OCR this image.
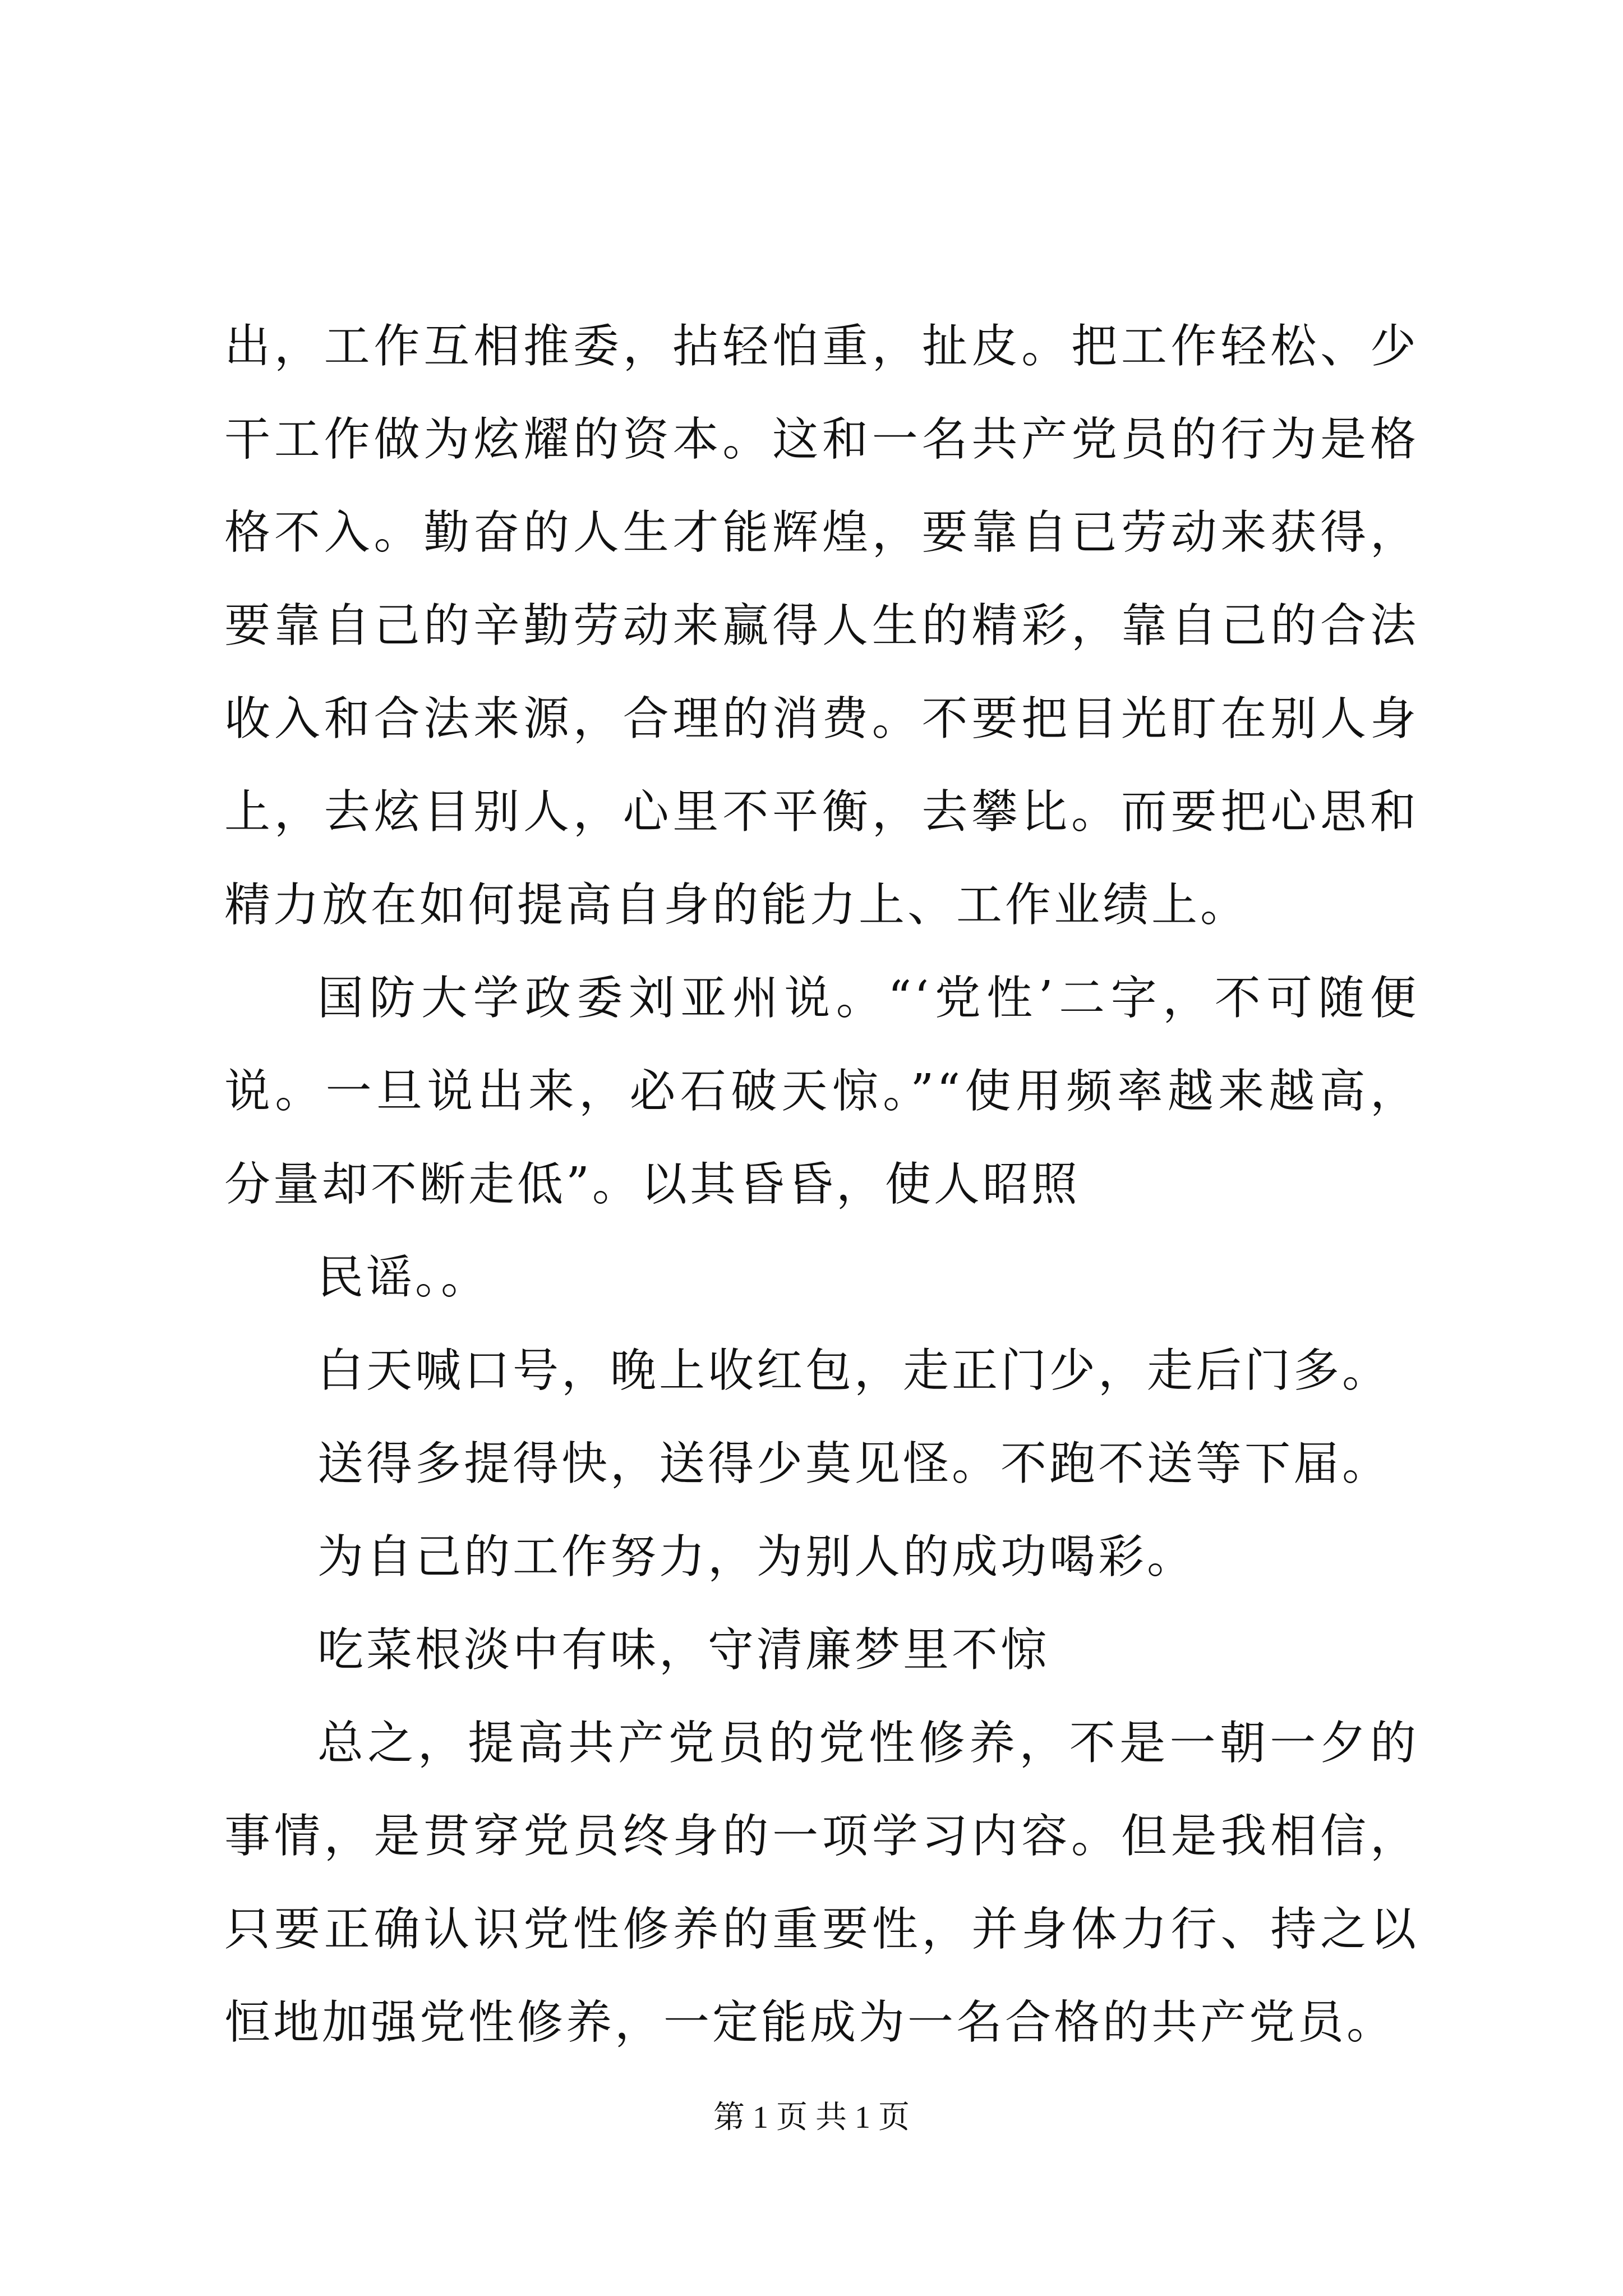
出，工作互相推委，拈轻怕重，扯皮。把工作轻松、少干工作做为炫耀的资本。这和一名共产党员的行为是格格不入。勤奋的人生才能辉煌，要靠自已劳动来获得，要靠自己的辛勤劳动来赢得人生的精彩，靠自己的合法收入和合法来源，合理的消费。不要把目光盯在别人身上，去炫目别人，心里不平衡，去攀比。而要把心思和精力放在如何提高自身的能力上、工作业绩上。

国防大学政委刘亚州说。“‘党性’二字，不可随便说。一旦说出来，必石破天惊。”“使用频率越来越高，分量却不断走低”。以其昏昏，使人昭照

民谣。。

白天喊口号，晚上收红包，走正门少，走后门多。

送得多提得快，送得少莫见怪。不跑不送等下届。

为自己的工作努力，为别人的成功喝彩。

吃菜根淡中有味，守清廉梦里不惊

总之，提高共产党员的党性修养，不是一朝一夕的事情，是贯穿党员终身的一项学习内容。但是我相信，只要正确认识党性修养的重要性，并身体力行、持之以恒地加强党性修养，一定能成为一名合格的共产党员。

第 1 页 共 1 页
